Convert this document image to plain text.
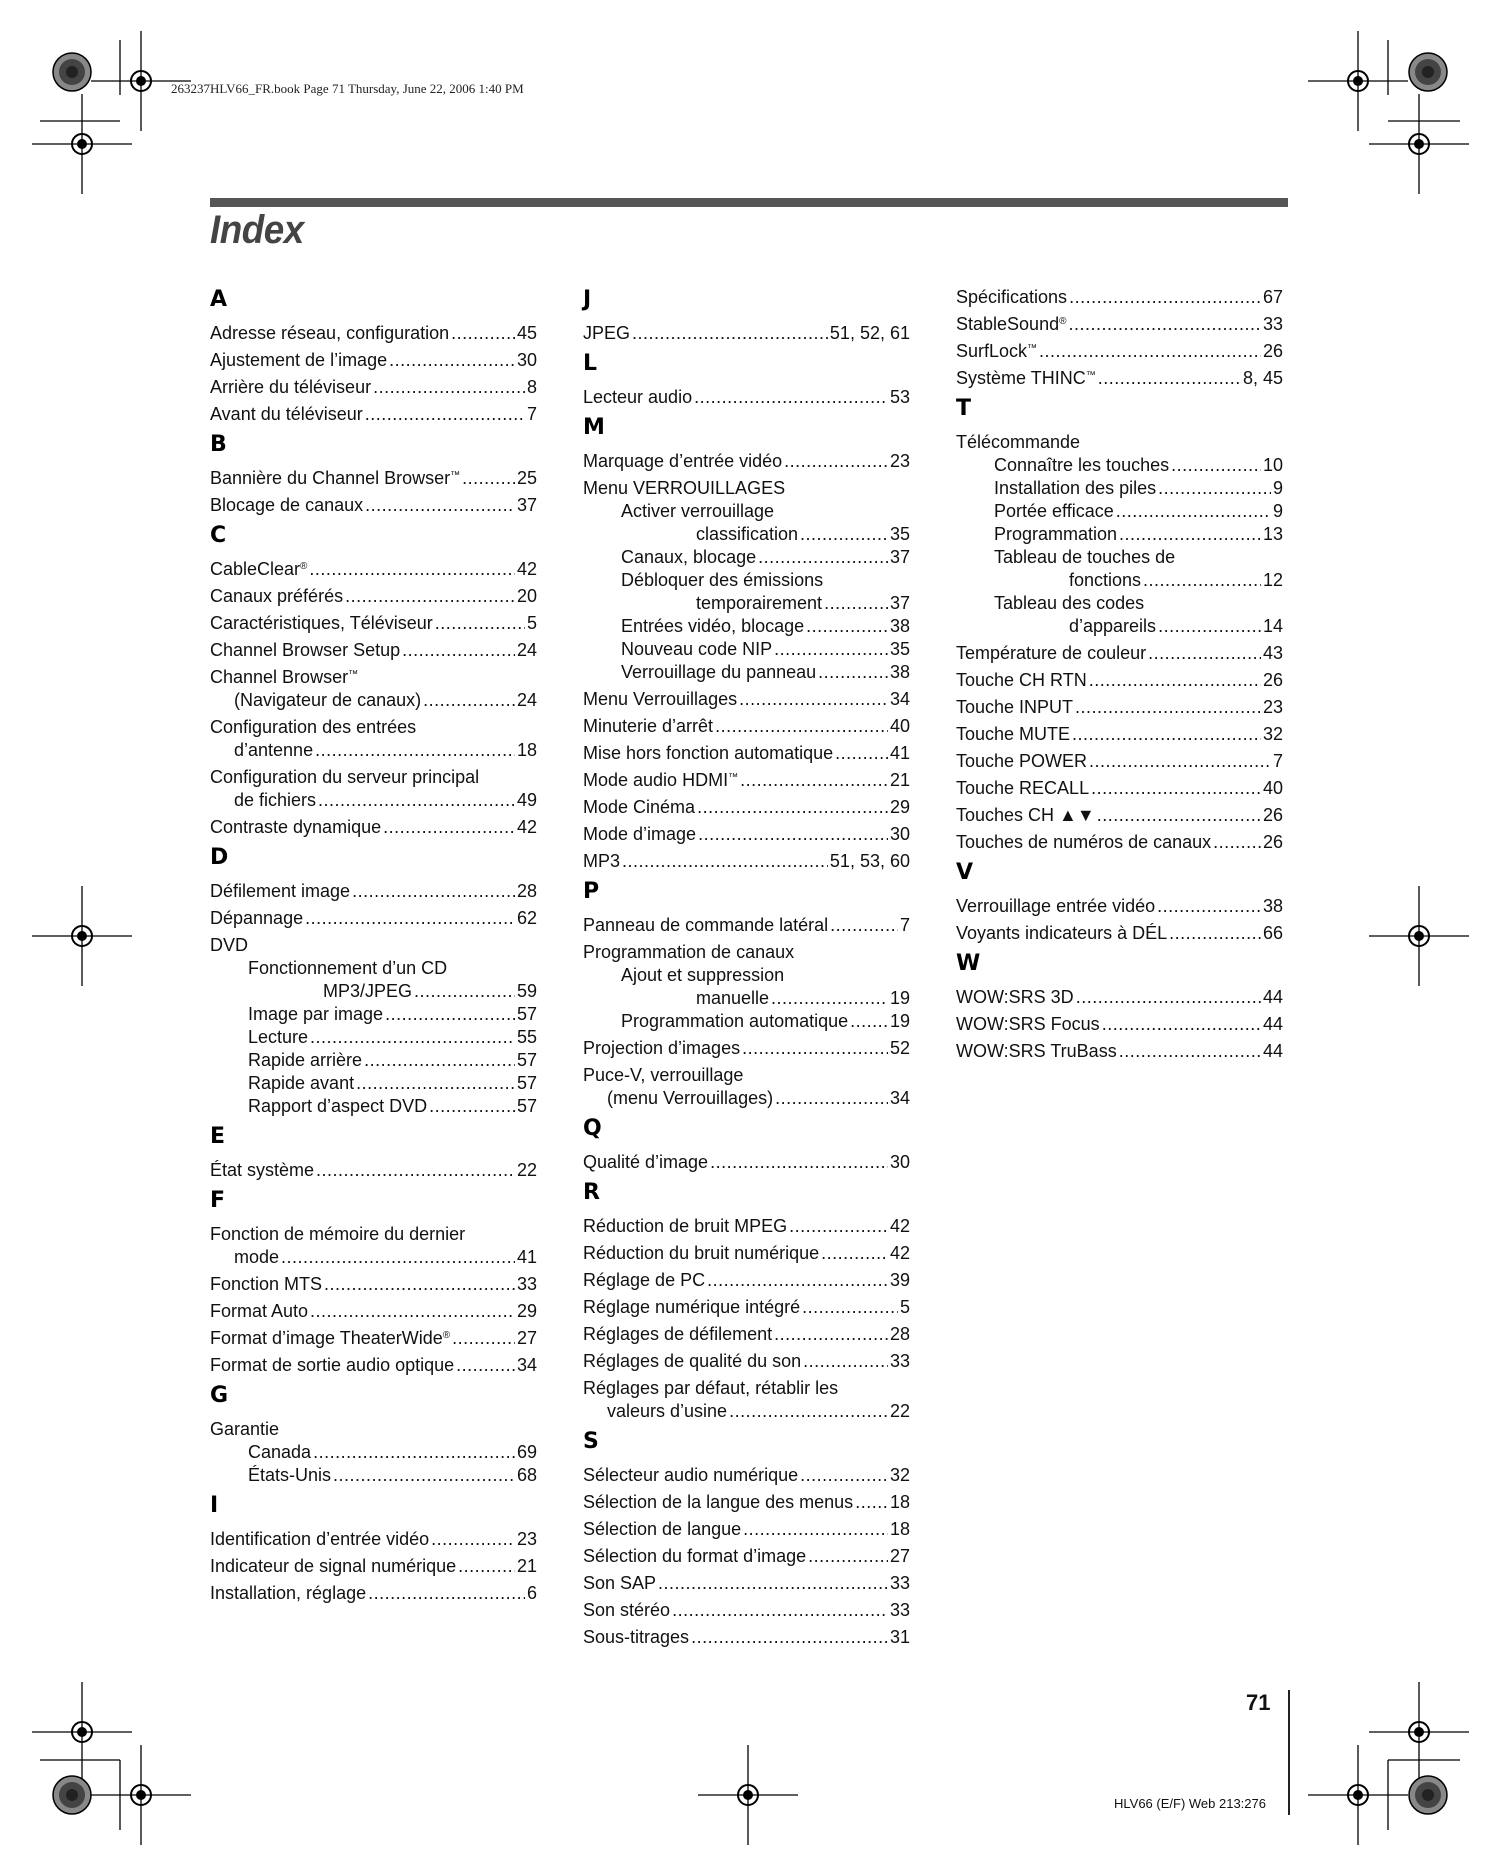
263237HLV66_FR.book Page 71 Thursday, June 22, 2006 1:40 PM
Index
A
Adresse réseau, configuration .....	45
Ajustement de l’image .....	30
Arrière du téléviseur .....	8
Avant du téléviseur .....	7
B
Bannière du Channel Browser™ .....	25
Blocage de canaux .....	37
C
CableClear® .....	42
Canaux préférés .....	20
Caractéristiques, Téléviseur .....	5
Channel Browser Setup .....	24
Channel Browser™
(Navigateur de canaux) .....	24
Configuration des entrées
d’antenne .....	18
Configuration du serveur principal
de fichiers .....	49
Contraste dynamique .....	42
D
Défilement image .....	28
Dépannage .....	62
DVD
Fonctionnement d’un CD
MP3/JPEG .....	59
Image par image .....	57
Lecture .....	55
Rapide arrière .....	57
Rapide avant .....	57
Rapport d’aspect DVD .....	57
E
État système .....	22
F
Fonction de mémoire du dernier
mode .....	41
Fonction MTS .....	33
Format Auto .....	29
Format d’image TheaterWide® .....	27
Format de sortie audio optique .....	34
G
Garantie
Canada .....	69
États-Unis .....	68
I
Identification d’entrée vidéo .....	23
Indicateur de signal numérique .....	21
Installation, réglage .....	6
J
JPEG .....	51, 52, 61
L
Lecteur audio .....	53
M
Marquage d’entrée vidéo .....	23
Menu VERROUILLAGES
Activer verrouillage
classification .....	35
Canaux, blocage .....	37
Débloquer des émissions
temporairement .....	37
Entrées vidéo, blocage .....	38
Nouveau code NIP .....	35
Verrouillage du panneau .....	38
Menu Verrouillages .....	34
Minuterie d’arrêt .....	40
Mise hors fonction automatique .....	41
Mode audio HDMI™ .....	21
Mode Cinéma .....	29
Mode d’image .....	30
MP3 .....	51, 53, 60
P
Panneau de commande latéral .....	7
Programmation de canaux
Ajout et suppression
manuelle .....	19
Programmation automatique ..... 19
Projection d’images .....	52
Puce-V, verrouillage
(menu Verrouillages) .....	34
Q
Qualité d’image .....	30
R
Réduction de bruit MPEG .....	42
Réduction du bruit numérique .....	42
Réglage de PC .....	39
Réglage numérique intégré .....	5
Réglages de défilement .....	28
Réglages de qualité du son .....	33
Réglages par défaut, rétablir les
valeurs d’usine .....	22
S
Sélecteur audio numérique .....	32
Sélection de la langue des menus ..... 18
Sélection de langue .....	18
Sélection du format d’image .....	27
Son SAP .....	33
Son stéréo .....	33
Sous-titrages .....	31
Spécifications .....	67
StableSound® .....	33
SurfLock™ .....	26
Système THINC™ .....	8, 45
T
Télécommande
Connaître les touches .....	10
Installation des piles .....	9
Portée efficace .....	9
Programmation .....	13
Tableau de touches de
fonctions .....	12
Tableau des codes
d’appareils .....	14
Température de couleur .....	43
Touche CH RTN .....	26
Touche INPUT .....	23
Touche MUTE .....	32
Touche POWER .....	7
Touche RECALL .....	40
Touches CH ▲▼ .....	26
Touches de numéros de canaux .....	26
V
Verrouillage entrée vidéo .....	38
Voyants indicateurs à DÉL .....	66
W
WOW:SRS 3D .....	44
WOW:SRS Focus .....	44
WOW:SRS TruBass .....	44
71
HLV66 (E/F) Web 213:276
